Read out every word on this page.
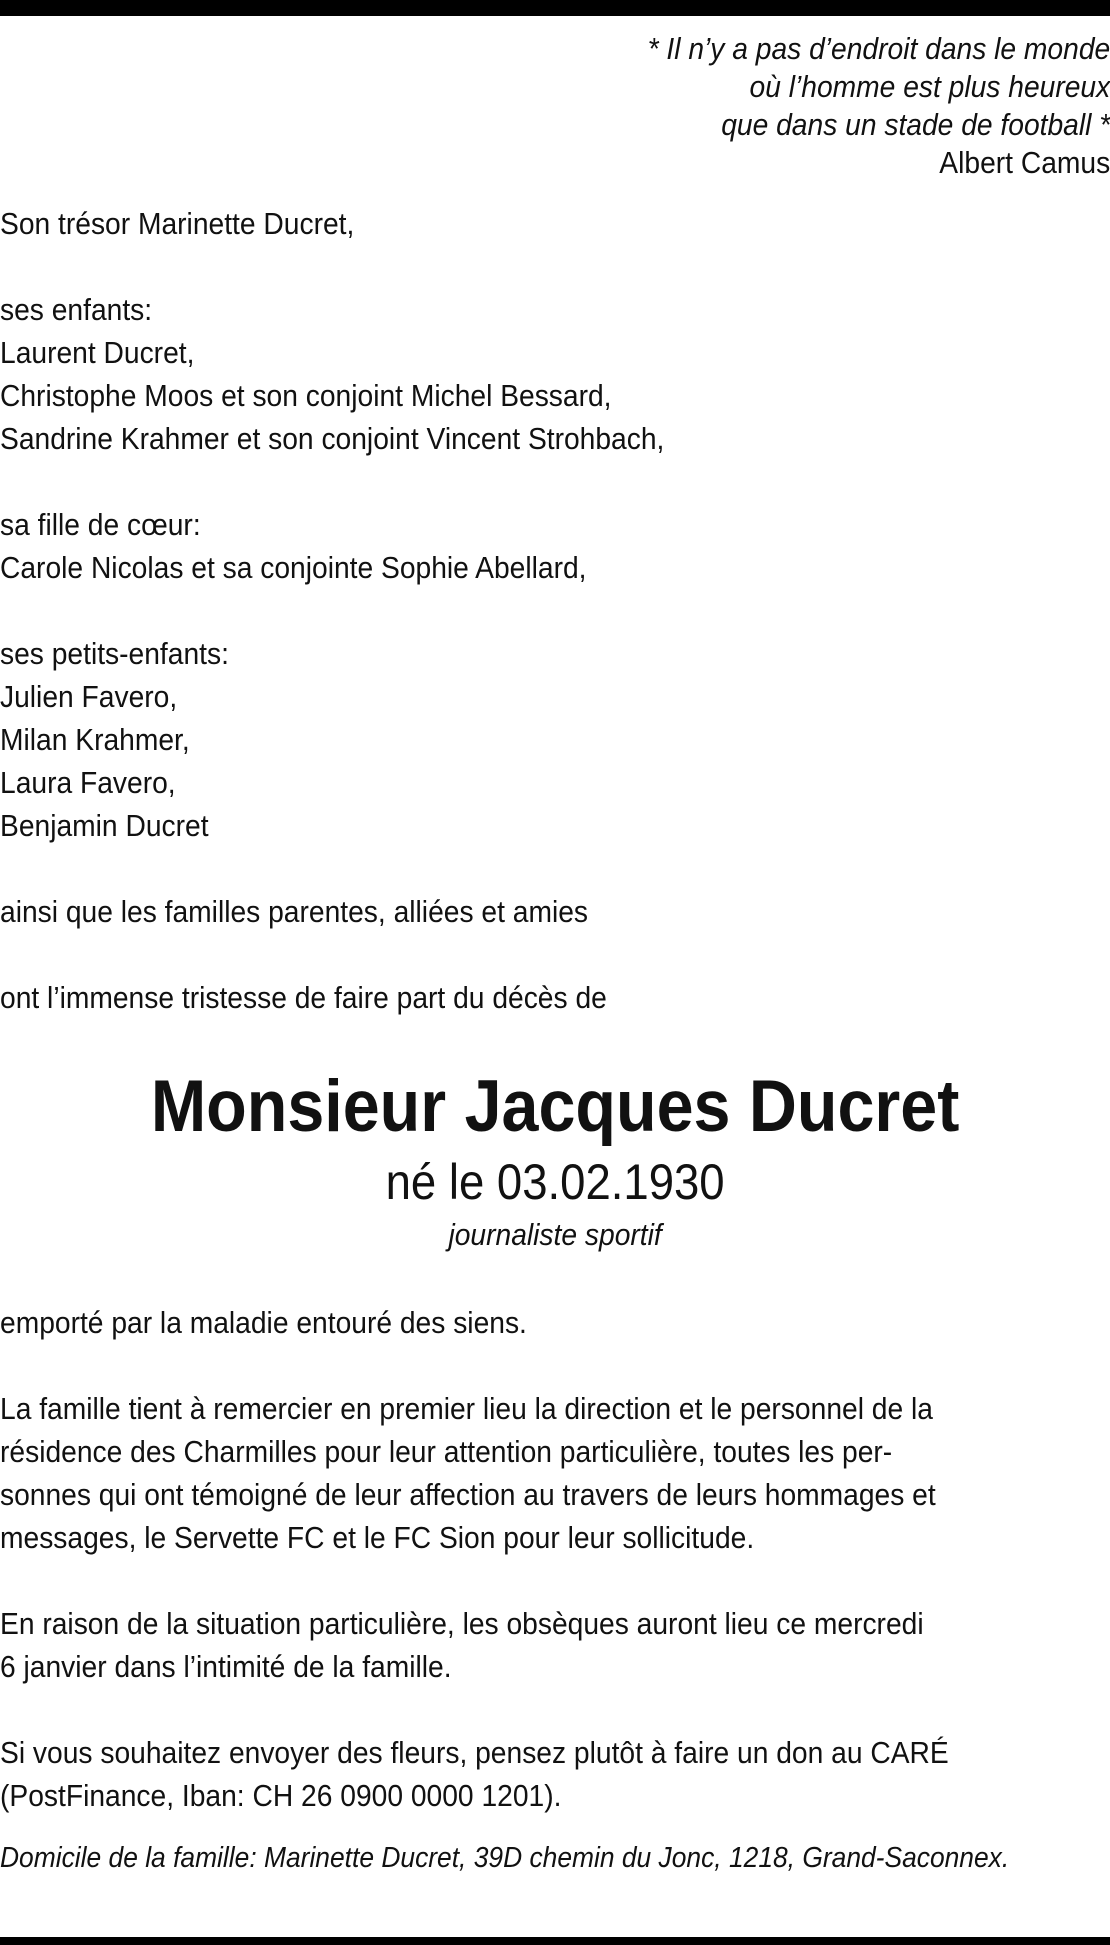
* Il n’y a pas d’endroit dans le monde
où l’homme est plus heureux
que dans un stade de football *
Albert Camus
Son trésor Marinette Ducret,
ses enfants:
Laurent Ducret,
Christophe Moos et son conjoint Michel Bessard,
Sandrine Krahmer et son conjoint Vincent Strohbach,
sa fille de cœur:
Carole Nicolas et sa conjointe Sophie Abellard,
ses petits-enfants:
Julien Favero,
Milan Krahmer,
Laura Favero,
Benjamin Ducret
ainsi que les familles parentes, alliées et amies
ont l’immense tristesse de faire part du décès de
Monsieur Jacques Ducret
né le 03.02.1930
journaliste sportif
emporté par la maladie entouré des siens.
La famille tient à remercier en premier lieu la direction et le personnel de la
résidence des Charmilles pour leur attention particulière, toutes les per-
sonnes qui ont témoigné de leur affection au travers de leurs hommages et
messages, le Servette FC et le FC Sion pour leur sollicitude.
En raison de la situation particulière, les obsèques auront lieu ce mercredi
6 janvier dans l’intimité de la famille.
Si vous souhaitez envoyer des fleurs, pensez plutôt à faire un don au CARÉ
(PostFinance, Iban: CH 26 0900 0000 1201).
Domicile de la famille: Marinette Ducret, 39D chemin du Jonc, 1218, Grand-Saconnex.
